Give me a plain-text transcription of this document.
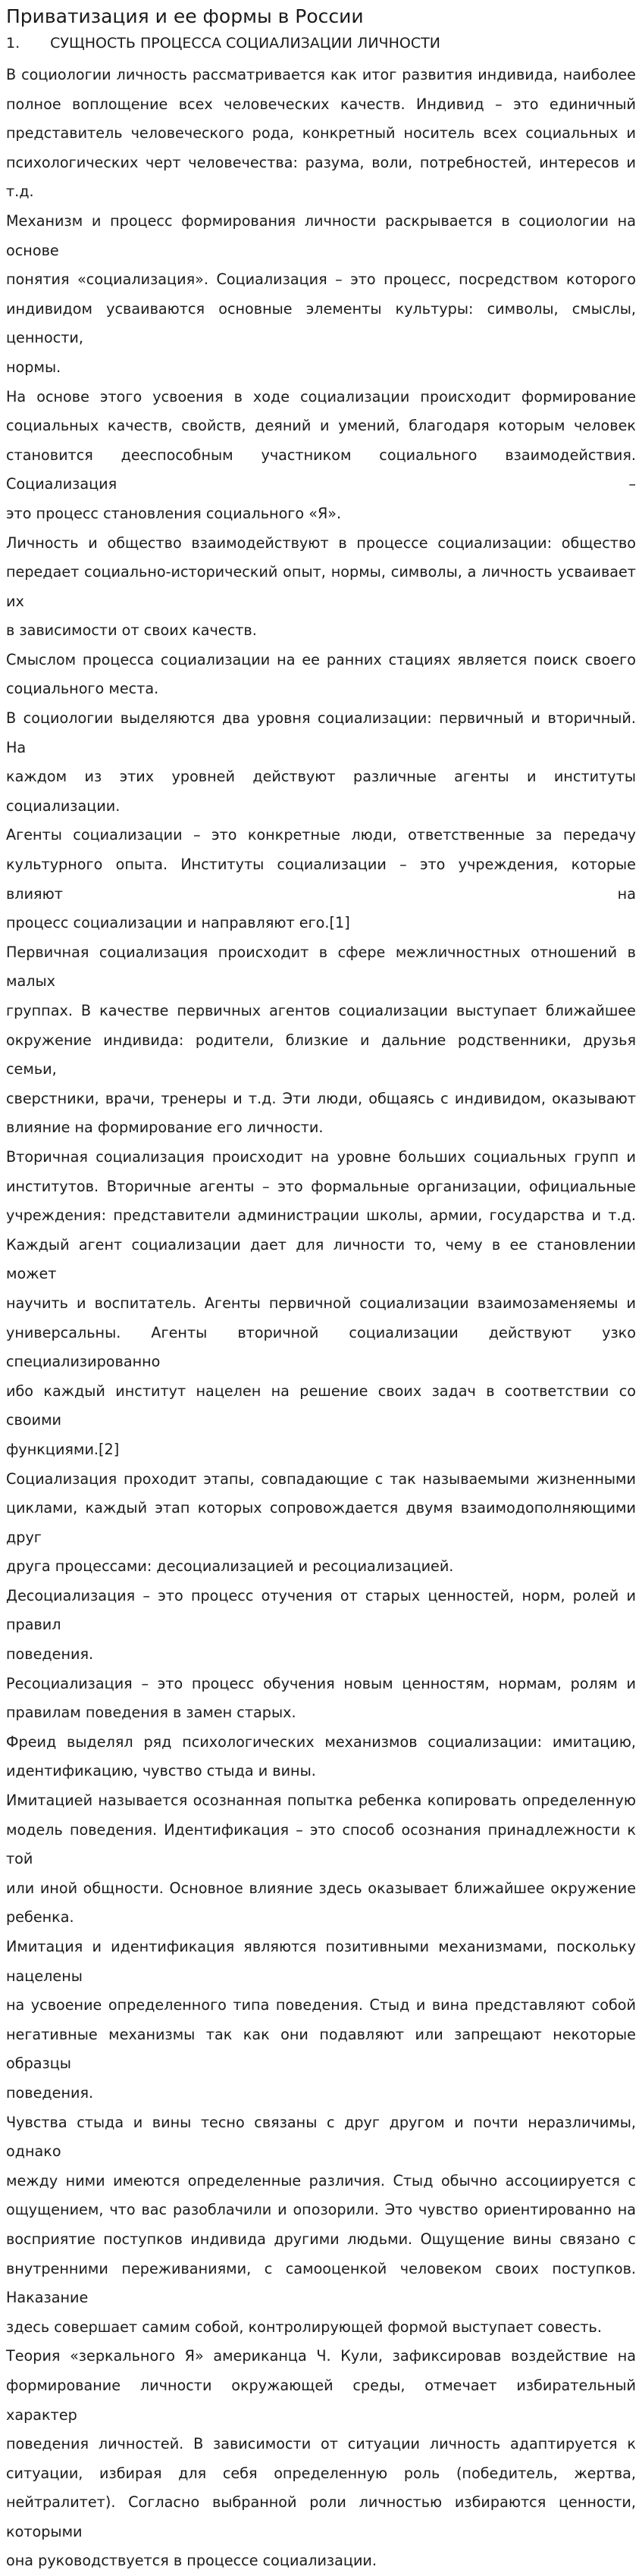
Приватизация и ее формы в России
1. СУЩНОСТЬ ПРОЦЕССА СОЦИАЛИЗАЦИИ ЛИЧНОСТИ
В социологии личность рассматривается как итог развития индивида, наиболее
полное воплощение всех человеческих качеств. Индивид – это единичный
представитель человеческого рода, конкретный носитель всех социальных и
психологических черт человечества: разума, воли, потребностей, интересов и
т.д.
Механизм и процесс формирования личности раскрывается в социологии на основе
понятия «социализация». Социализация – это процесс, посредством которого
индивидом усваиваются основные элементы культуры: символы, смыслы, ценности,
нормы.
На основе этого усвоения в ходе социализации происходит формирование
социальных качеств, свойств, деяний и умений, благодаря которым человек
становится дееспособным участником социального взаимодействия. Социализация –
это процесс становления социального «Я».
Личность и общество взаимодействуют в процессе социализации: общество
передает социально-исторический опыт, нормы, символы, а личность усваивает их
в зависимости от своих качеств.
Смыслом процесса социализации на ее ранних стациях является поиск своего
социального места.
В социологии выделяются два уровня социализации: первичный и вторичный. На
каждом из этих уровней действуют различные агенты и институты социализации.
Агенты социализации – это конкретные люди, ответственные за передачу
культурного опыта. Институты социализации – это учреждения, которые влияют на
процесс социализации и направляют его.[1]
Первичная социализация происходит в сфере межличностных отношений в малых
группах. В качестве первичных агентов социализации выступает ближайшее
окружение индивида: родители, близкие и дальние родственники, друзья семьи,
сверстники, врачи, тренеры и т.д. Эти люди, общаясь с индивидом, оказывают
влияние на формирование его личности.
Вторичная социализация происходит на уровне больших социальных групп и
институтов. Вторичные агенты – это формальные организации, официальные
учреждения: представители администрации школы, армии, государства и т.д.
Каждый агент социализации дает для личности то, чему в ее становлении может
научить и воспитатель. Агенты первичной социализации взаимозаменяемы и
универсальны. Агенты вторичной социализации действуют узко специализированно
ибо каждый институт нацелен на решение своих задач в соответствии со своими
функциями.[2]
Социализация проходит этапы, совпадающие с так называемыми жизненными
циклами, каждый этап которых сопровождается двумя взаимодополняющими друг
друга процессами: десоциализацией и ресоциализацией.
Десоциализация – это процесс отучения от старых ценностей, норм, ролей и правил
поведения.
Ресоциализация – это процесс обучения новым ценностям, нормам, ролям и
правилам поведения в замен старых.
Фреид выделял ряд психологических механизмов социализации: имитацию,
идентификацию, чувство стыда и вины.
Имитацией называется осознанная попытка ребенка копировать определенную
модель поведения. Идентификация – это способ осознания принадлежности к той
или иной общности. Основное влияние здесь оказывает ближайшее окружение
ребенка.
Имитация и идентификация являются позитивными механизмами, поскольку нацелены
на усвоение определенного типа поведения. Стыд и вина представляют собой
негативные механизмы так как они подавляют или запрещают некоторые образцы
поведения.
Чувства стыда и вины тесно связаны с друг другом и почти неразличимы, однако
между ними имеются определенные различия. Стыд обычно ассоциируется с
ощущением, что вас разоблачили и опозорили. Это чувство ориентированно на
восприятие поступков индивида другими людьми. Ощущение вины связано с
внутренними переживаниями, с самооценкой человеком своих поступков. Наказание
здесь совершает самим собой, контролирующей формой выступает совесть.
Теория «зеркального Я» американца Ч. Кули, зафиксировав воздействие на
формирование личности окружающей среды, отмечает избирательный характер
поведения личностей. В зависимости от ситуации личность адаптируется к
ситуации, избирая для себя определенную роль (победитель, жертва,
нейтралитет). Согласно выбранной роли личностью избираются ценности, которыми
она руководствуется в процессе социализации.
